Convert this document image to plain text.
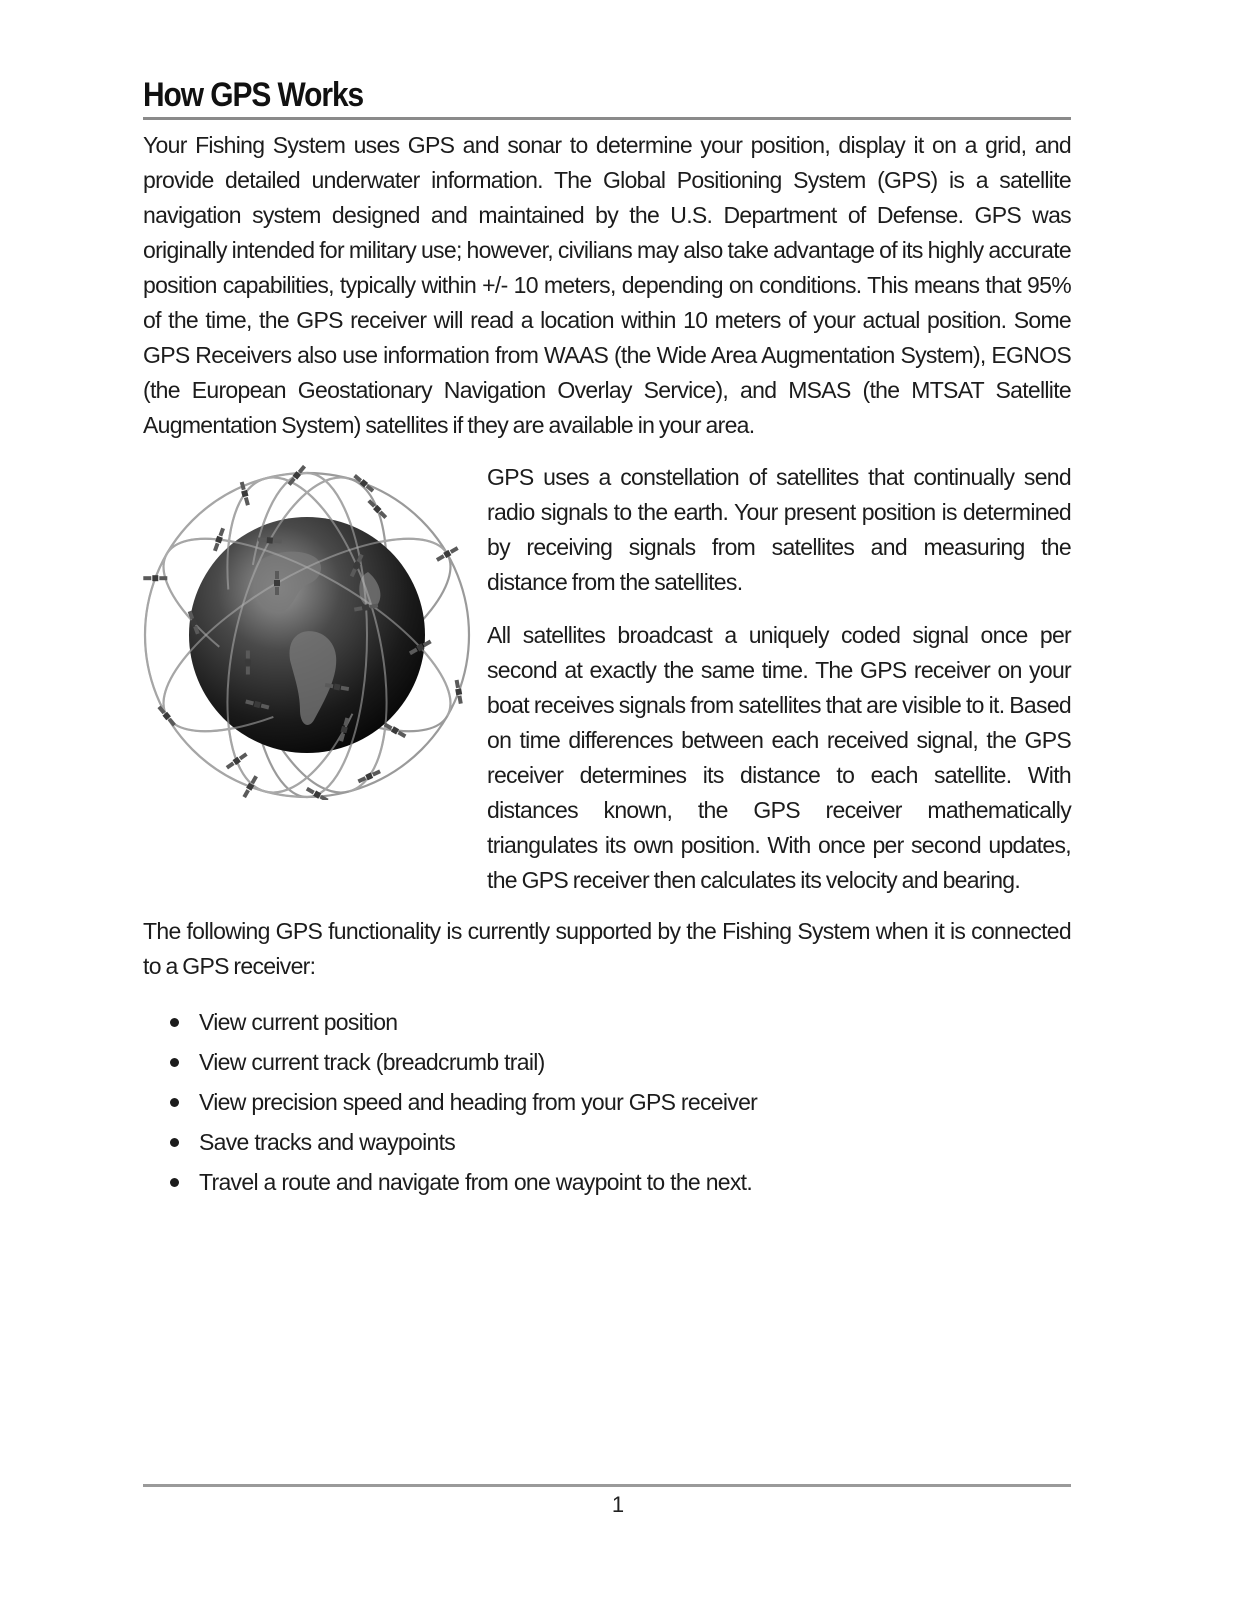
How GPS Works

Your Fishing System uses GPS and sonar to determine your position, display it on a grid, and provide detailed underwater information. The Global Positioning System (GPS) is a satellite navigation system designed and maintained by the U.S. Department of Defense. GPS was originally intended for military use; however, civilians may also take advantage of its highly accurate position capabilities, typically within +/- 10 meters, depending on conditions. This means that 95% of the time, the GPS receiver will read a location within 10 meters of your actual position. Some GPS Receivers also use information from WAAS (the Wide Area Augmentation System), EGNOS (the European Geostationary Navigation Overlay Service), and MSAS (the MTSAT Satellite Augmentation System) satellites if they are available in your area.

GPS uses a constellation of satellites that continually send radio signals to the earth. Your present position is determined by receiving signals from satellites and measuring the distance from the satellites.

All satellites broadcast a uniquely coded signal once per second at exactly the same time. The GPS receiver on your boat receives signals from satellites that are visible to it. Based on time differences between each received signal, the GPS receiver determines its distance to each satellite. With distances known, the GPS receiver mathematically triangulates its own position. With once per second updates, the GPS receiver then calculates its velocity and bearing.

The following GPS functionality is currently supported by the Fishing System when it is connected to a GPS receiver:

View current position
View current track (breadcrumb trail)
View precision speed and heading from your GPS receiver
Save tracks and waypoints
Travel a route and navigate from one waypoint to the next.
1
